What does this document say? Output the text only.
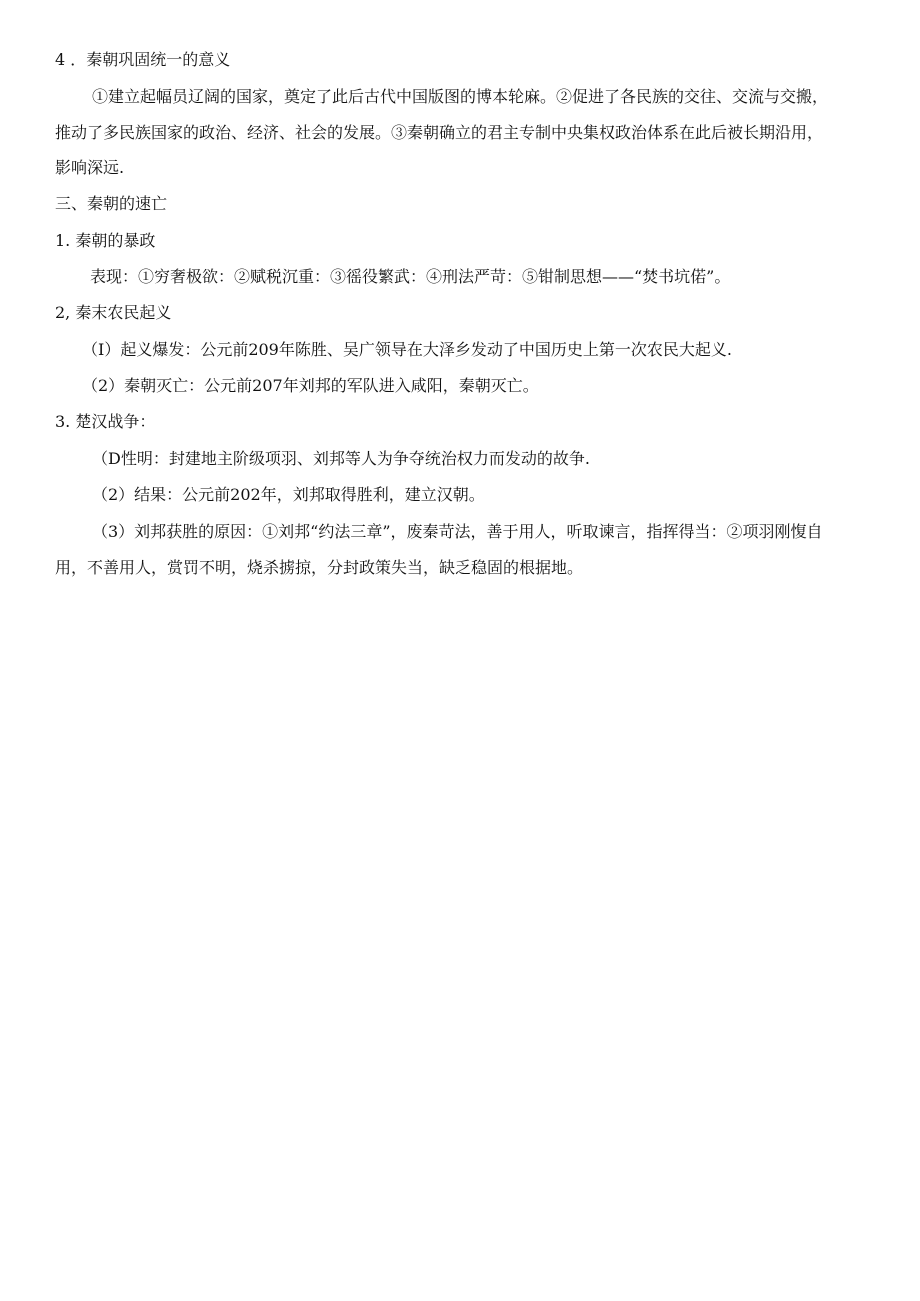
4 ．秦朝巩固统一的意义
①建立起幅员辽阔的国家，奠定了此后古代中国版图的博本轮麻。②促进了各民族的交往、交流与交搬，
推动了多民族国家的政治、经济、社会的发展。③秦朝确立的君主专制中央集权政治体系在此后被长期沿用，
影响深远.
三、秦朝的速亡
1. 秦朝的暴政
表现：①穷奢极欲：②赋税沉重：③徭役繁武：④刑法严苛：⑤钳制思想——“焚书坑偌”。
2, 秦末农民起义
（I）起义爆发：公元前209年陈胜、吴广领导在大泽乡发动了中国历史上第一次农民大起义.
（2）秦朝灭亡：公元前207年刘邦的军队进入咸阳，秦朝灭亡。
3. 楚汉战争：
（D性明：封建地主阶级项羽、刘邦等人为争夺统治权力而发动的故争.
（2）结果：公元前202年，刘邦取得胜利，建立汉朝。
（3）刘邦获胜的原因：①刘邦“约法三章”，废秦苛法，善于用人，听取谏言，指挥得当：②项羽刚愎自
用，不善用人，赏罚不明，烧杀掳掠，分封政策失当，缺乏稳固的根据地。
